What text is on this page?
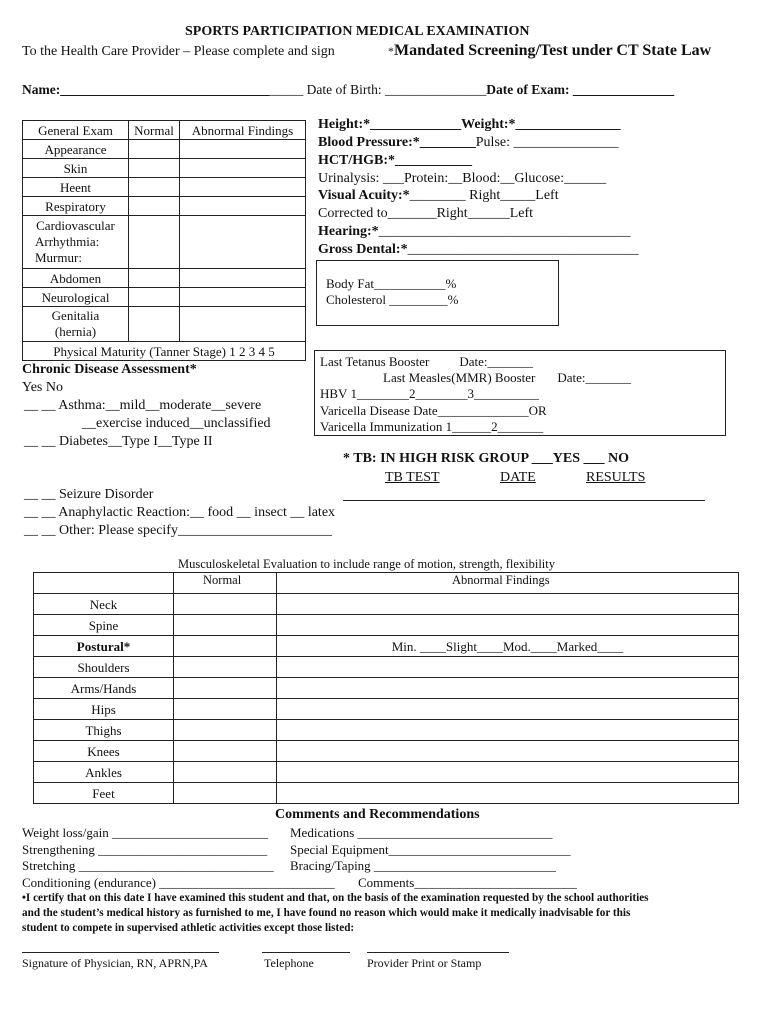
SPORTS PARTICIPATION MEDICAL EXAMINATION
To the Health Care Provider – Please complete and sign	*Mandated Screening/Test under CT State Law
Name:____________________________________ Date of Birth: _______________Date of Exam: _______________
General Exam	Normal	Abnormal Findings
Appearance		
Skin		
Heent		
Respiratory		

Cardiovascular
Arrhythmia:
Murmur:		

Abdomen		
Neurological		

Genitalia
(hernia)		

Physical Maturity (Tanner Stage) 1 2 3 4 5		
Height:*_____________Weight:*_______________
Blood Pressure:*________Pulse: _______________
HCT/HGB:*___________
Urinalysis: ___Protein:__Blood:__Glucose:______
Visual Acuity:*________ Right_____Left
Corrected to_______Right______Left
Hearing:*____________________________________
Gross Dental:*_________________________________
Body Fat___________%
Cholesterol _________%
Last Tetanus Booster Date:_______
Last Measles(MMR) Booster Date:_______
HBV 1________2________3__________
Varicella Disease Date______________OR
Varicella Immunization 1______2_______
Chronic Disease Assessment*
Yes No
__ __ Asthma:__mild__moderate__severe
__exercise induced__unclassified
__ __ Diabetes__Type I__Type II
* TB: IN HIGH RISK GROUP ___YES ___ NO
TB TEST	DATE	RESULTS
__ __ Seizure Disorder
__ __ Anaphylactic Reaction:__ food __ insect __ latex
__ __ Other: Please specify______________________
Musculoskeletal Evaluation to include range of motion, strength, flexibility
Normal	Abnormal Findings

Neck		
Spine		
Postural*		Min. ____Slight____Mod.____Marked____
Shoulders		
Arms/Hands		
Hips		
Thighs		
Knees		
Ankles		
Feet		
Comments and Recommendations
Weight loss/gain ________________________ Medications ______________________________
Strengthening __________________________ Special Equipment____________________________
Stretching ______________________________ Bracing/Taping ____________________________
Conditioning (endurance) ___________________________ Comments_________________________
•I certify that on this date I have examined this student and that, on the basis of the examination requested by the school authorities
and the student’s medical history as furnished to me, I have found no reason which would make it medically inadvisable for this
student to compete in supervised athletic activities except those listed:
Signature of Physician, RN, APRN,PA	Telephone	Provider Print or Stamp
